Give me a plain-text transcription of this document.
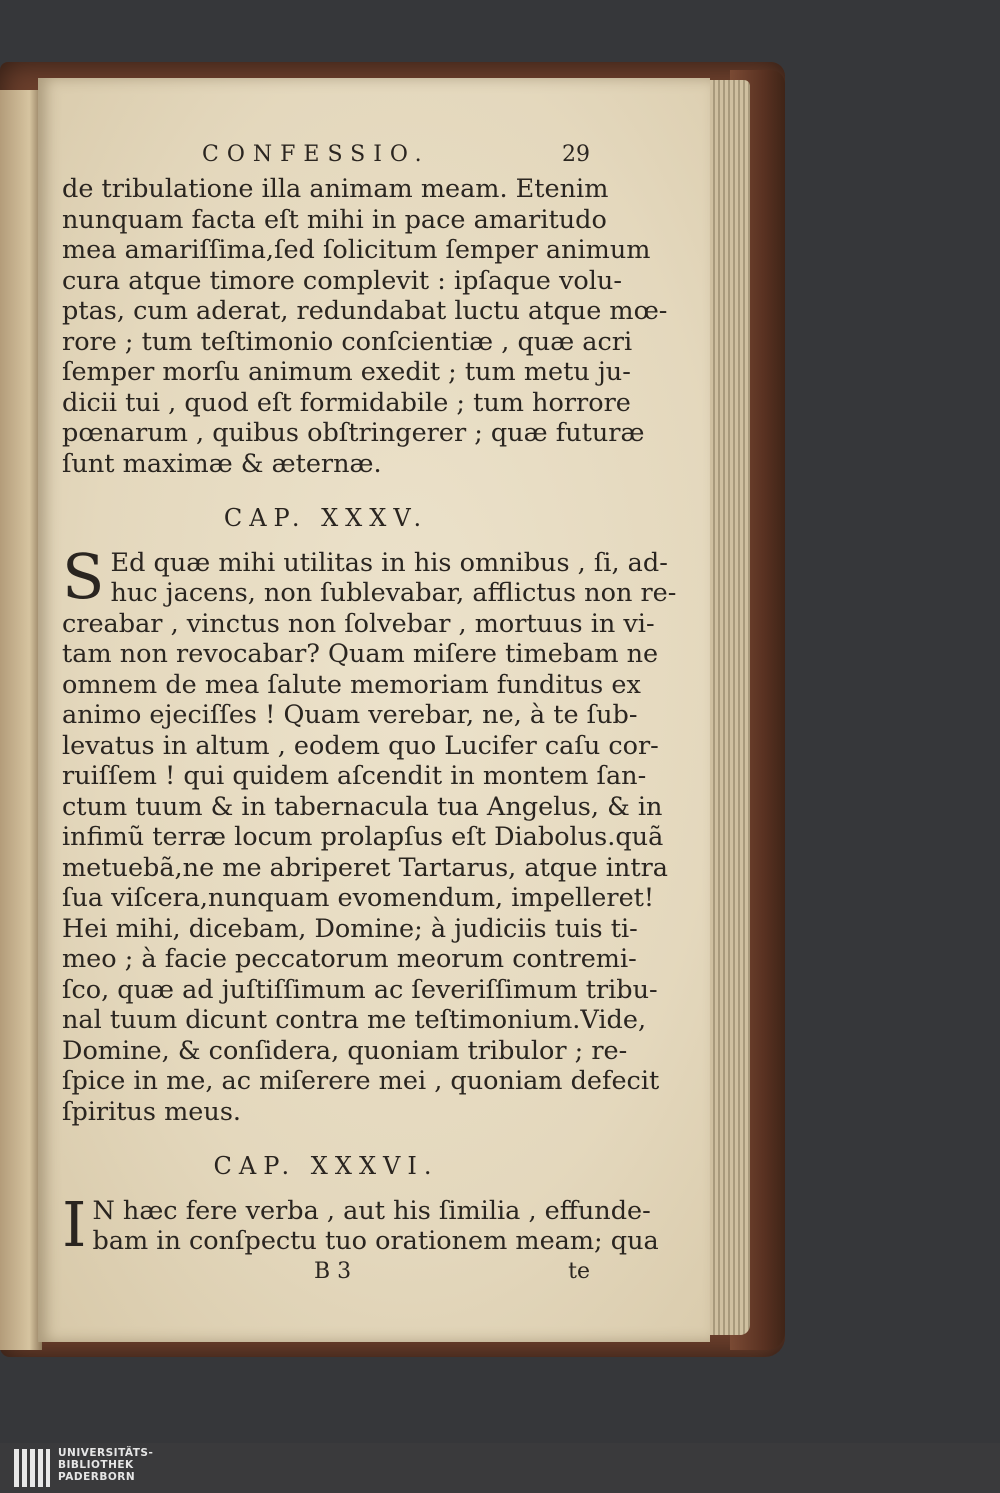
CONFESSIO.	29
de tribulatione illa animam meam. Etenim
nunquam facta eſt mihi in pace amaritudo
mea amariſſima,ſed ſolicitum ſemper animum
cura atque timore complevit : ipſaque volu-
ptas, cum aderat, redundabat luctu atque mœ-
rore ; tum teſtimonio conſcientiæ , quæ acri
ſemper morſu animum exedit ; tum metu ju-
dicii tui , quod eſt formidabile ; tum horrore
pœnarum , quibus obſtringerer ; quæ futuræ
ſunt maximæ & æternæ.
CAP. XXXV.
S Ed quæ mihi utilitas in his omnibus , ſi, ad-
huc jacens, non ſublevabar, afflictus non re-
creabar , vinctus non ſolvebar , mortuus in vi-
tam non revocabar? Quam miſere timebam ne
omnem de mea ſalute memoriam funditus ex
animo ejeciſſes ! Quam verebar, ne, à te ſub-
levatus in altum , eodem quo Lucifer caſu cor-
ruiſſem ! qui quidem aſcendit in montem ſan-
ctum tuum & in tabernacula tua Angelus, & in
infimũ terræ locum prolapſus eſt Diabolus.quã
metuebã,ne me abriperet Tartarus, atque intra
ſua viſcera,nunquam evomendum, impelleret!
Hei mihi, dicebam, Domine; à judiciis tuis ti-
meo ; à facie peccatorum meorum contremi-
ſco, quæ ad juſtiſſimum ac ſeveriſſimum tribu-
nal tuum dicunt contra me teſtimonium.Vide,
Domine, & conſidera, quoniam tribulor ; re-
ſpice in me, ac miſerere mei , quoniam defecit
ſpiritus meus.
CAP. XXXVI.
I N hæc fere verba , aut his ſimilia , effunde-
bam in conſpectu tuo orationem meam; qua
B 3	te
UNIVERSITÄTS-
BIBLIOTHEK
PADERBORN
